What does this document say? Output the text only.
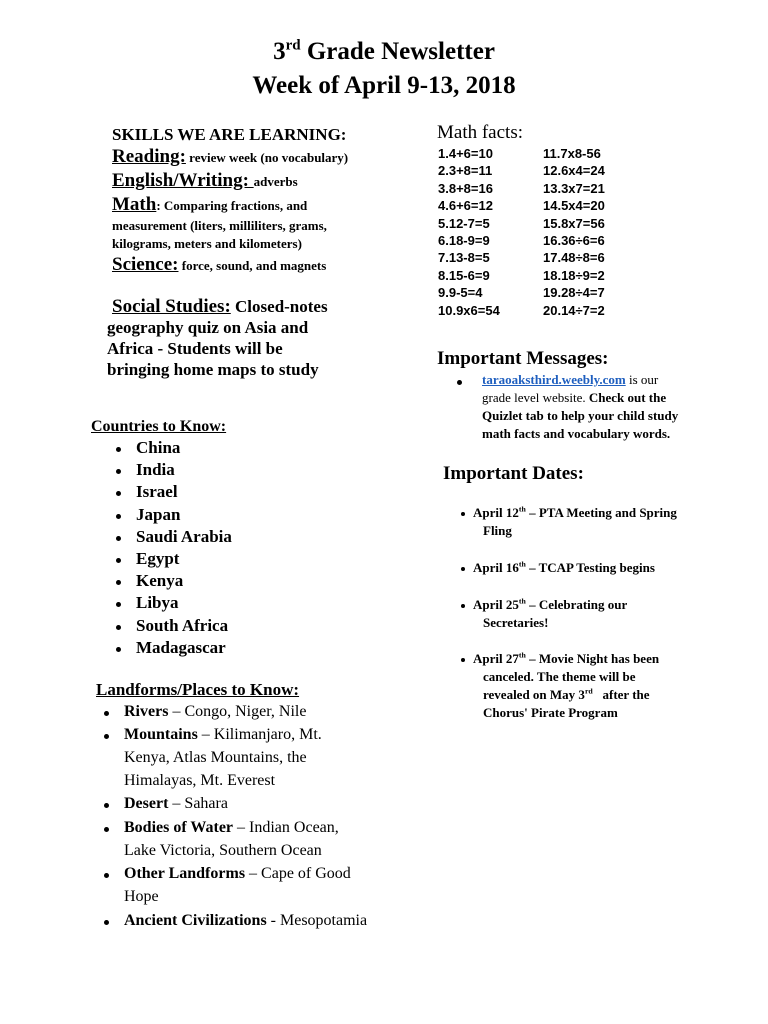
3rd Grade Newsletter
Week of April 9-13, 2018
SKILLS WE ARE LEARNING:
Reading: review week (no vocabulary)
English/Writing: adverbs
Math: Comparing fractions, and
measurement (liters, milliliters, grams,
kilograms, meters and kilometers)
Science: force, sound, and magnets
Social Studies: Closed-notes
geography quiz on Asia and
Africa - Students will be
bringing home maps to study
Countries to Know:
China
India
Israel
Japan
Saudi Arabia
Egypt
Kenya
Libya
South Africa
Madagascar
Landforms/Places to Know:
Rivers – Congo, Niger, Nile
Mountains – Kilimanjaro, Mt.
Kenya, Atlas Mountains, the
Himalayas, Mt. Everest
Desert – Sahara
Bodies of Water – Indian Ocean,
Lake Victoria, Southern Ocean
Other Landforms – Cape of Good
Hope
Ancient Civilizations - Mesopotamia
Math facts:
1.4+6=10
2.3+8=11
3.8+8=16
4.6+6=12
5.12-7=5
6.18-9=9
7.13-8=5
8.15-6=9
9.9-5=4
10.9x6=54
11.7x8-56
12.6x4=24
13.3x7=21
14.5x4=20
15.8x7=56
16.36÷6=6
17.48÷8=6
18.18÷9=2
19.28÷4=7
20.14÷7=2
Important Messages:
taraoaksthird.weebly.com is our
grade level website. Check out the
Quizlet tab to help your child study
math facts and vocabulary words.
Important Dates:
April 12th – PTA Meeting and Spring
Fling
April 16th – TCAP Testing begins
April 25th – Celebrating our
Secretaries!
April 27th – Movie Night has been
canceled. The theme will be
revealed on May 3rd   after the
Chorus' Pirate Program
